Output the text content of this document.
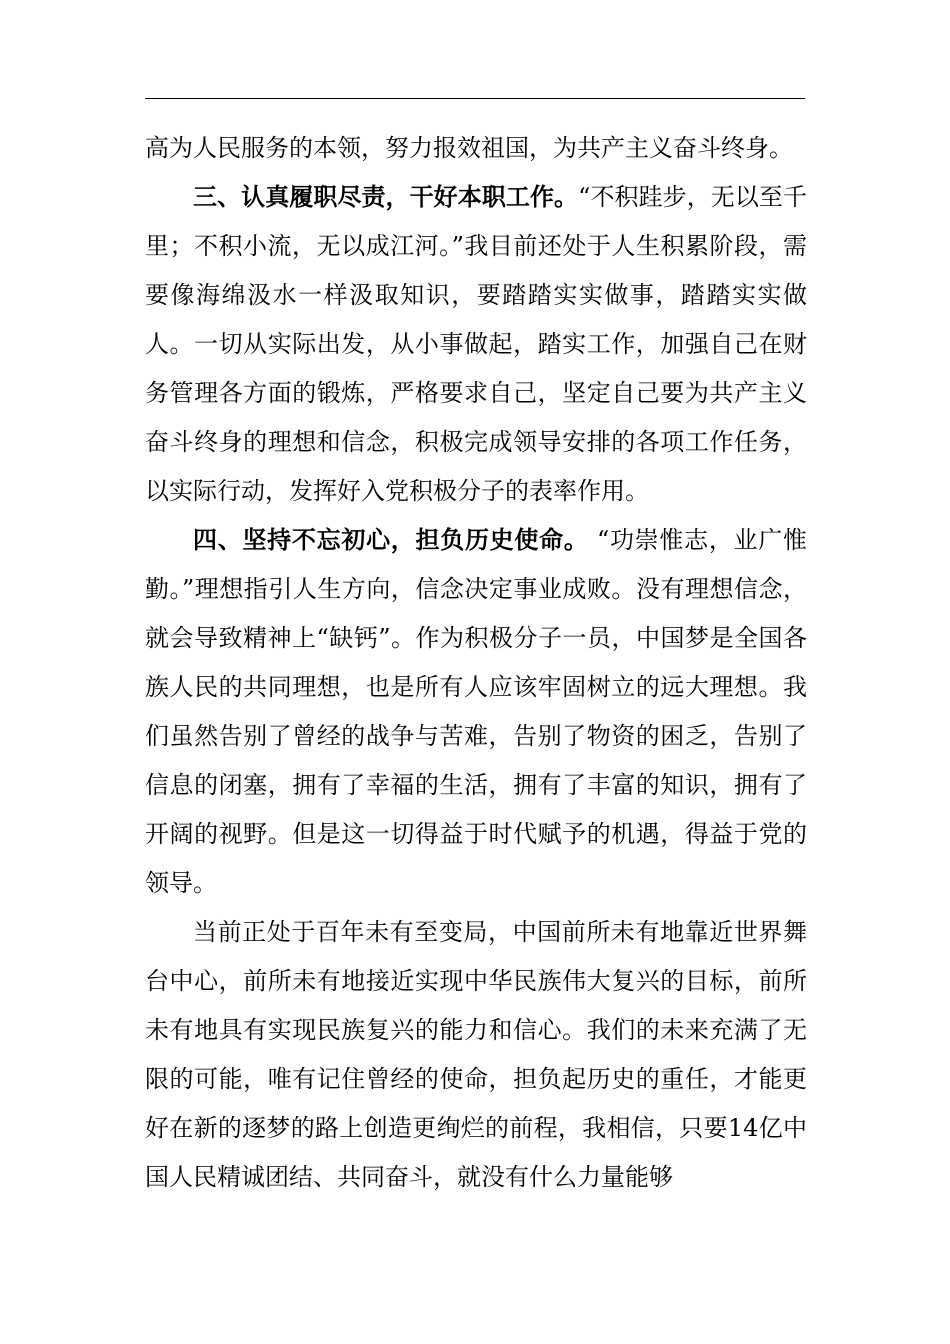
高为人民服务的本领，努力报效祖国，为共产主义奋斗终身。

三、认真履职尽责，干好本职工作。“不积跬步，无以至千里；不积小流，无以成江河。”我目前还处于人生积累阶段，需要像海绵汲水一样汲取知识，要踏踏实实做事，踏踏实实做人。一切从实际出发，从小事做起，踏实工作，加强自己在财务管理各方面的锻炼，严格要求自己，坚定自己要为共产主义奋斗终身的理想和信念，积极完成领导安排的各项工作任务，以实际行动，发挥好入党积极分子的表率作用。

四、坚持不忘初心，担负历史使命。 “功崇惟志，业广惟勤。”理想指引人生方向，信念决定事业成败。没有理想信念，就会导致精神上“缺钙”。作为积极分子一员，中国梦是全国各族人民的共同理想，也是所有人应该牢固树立的远大理想。我们虽然告别了曾经的战争与苦难，告别了物资的困乏，告别了信息的闭塞，拥有了幸福的生活，拥有了丰富的知识，拥有了开阔的视野。但是这一切得益于时代赋予的机遇，得益于党的领导。

当前正处于百年未有至变局，中国前所未有地靠近世界舞台中心，前所未有地接近实现中华民族伟大复兴的目标，前所未有地具有实现民族复兴的能力和信心。我们的未来充满了无限的可能，唯有记住曾经的使命，担负起历史的重任，才能更好在新的逐梦的路上创造更绚烂的前程，我相信，只要14亿中国人民精诚团结、共同奋斗，就没有什么力量能够
